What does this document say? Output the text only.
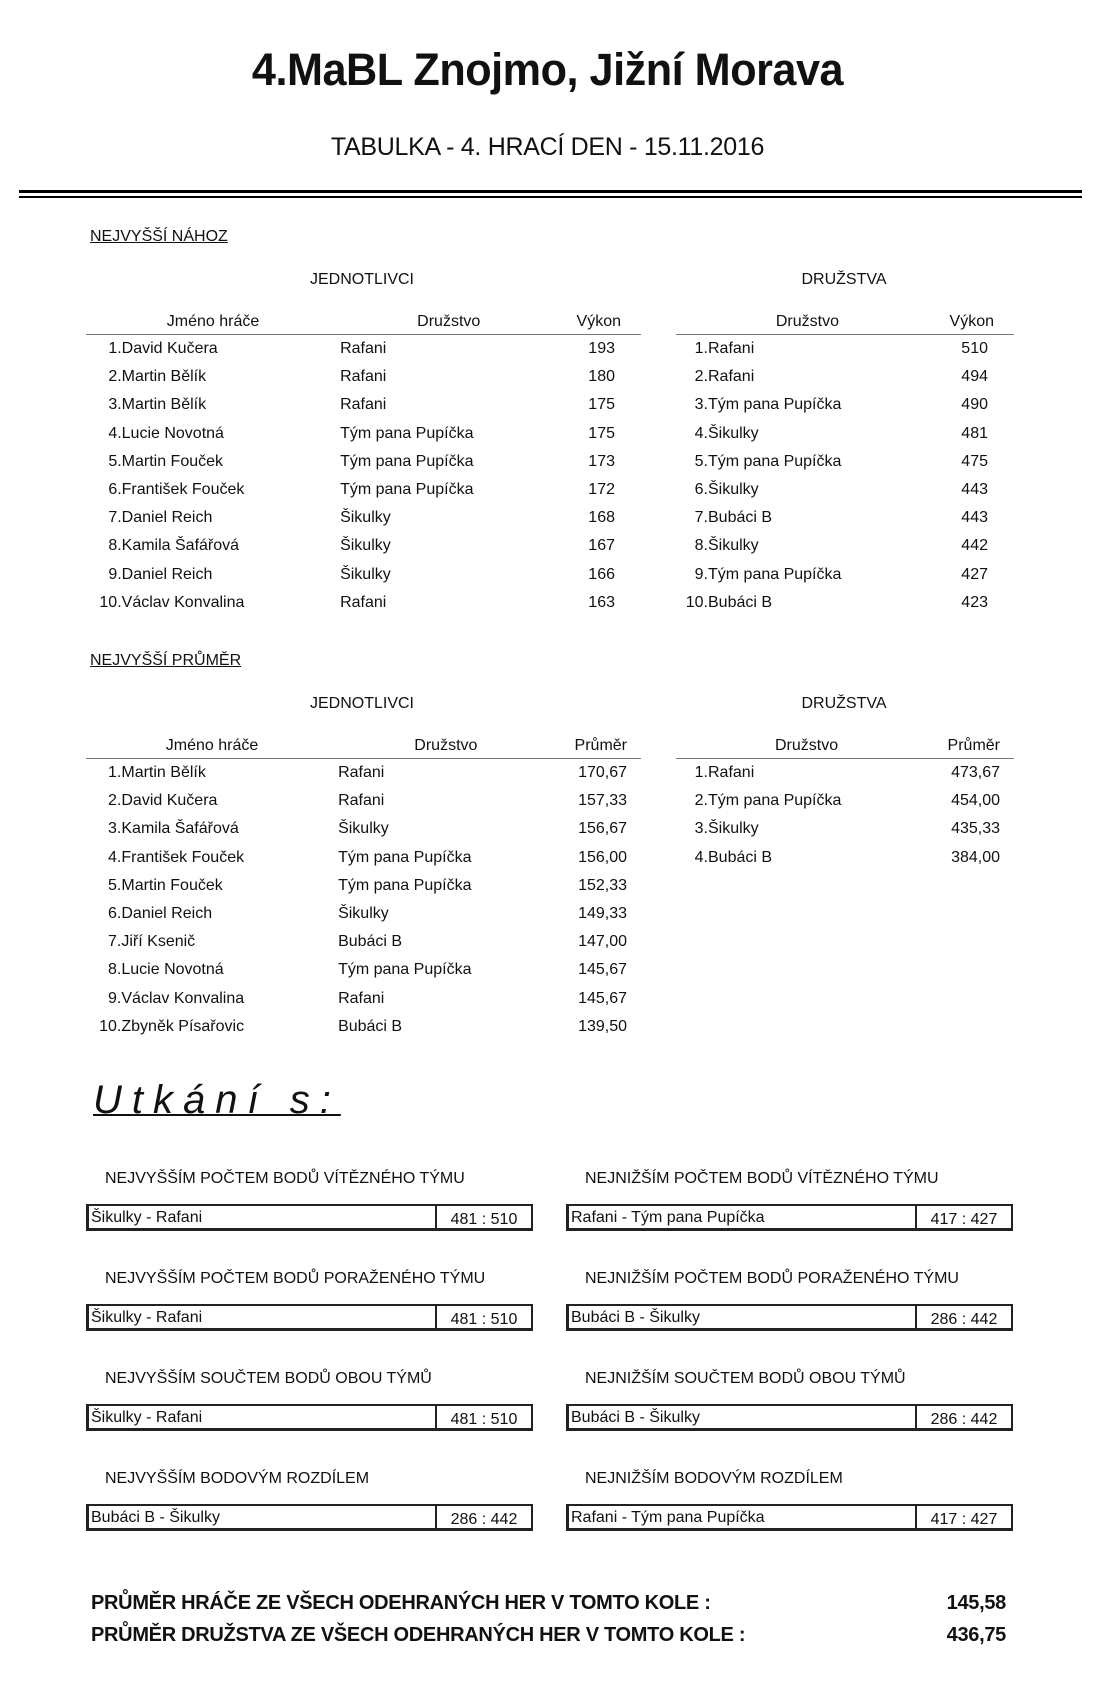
4.MaBL Znojmo, Jižní Morava
TABULKA - 4. HRACÍ DEN - 15.11.2016
NEJVYŠŠÍ NÁHOZ
JEDNOTLIVCI	DRUŽSTVA
Jméno hráče		Družstvo	Výkon
1.	David Kučera	Rafani	193
2.	Martin Bělík	Rafani	180
3.	Martin Bělík	Rafani	175
4.	Lucie Novotná	Tým pana Pupíčka	175
5.	Martin Fouček	Tým pana Pupíčka	173
6.	František Fouček	Tým pana Pupíčka	172
7.	Daniel Reich	Šikulky	168
8.	Kamila Šafářová	Šikulky	167
9.	Daniel Reich	Šikulky	166
10.	Václav Konvalina	Rafani	163
Družstvo		Výkon
1.	Rafani	510
2.	Rafani	494
3.	Tým pana Pupíčka	490
4.	Šikulky	481
5.	Tým pana Pupíčka	475
6.	Šikulky	443
7.	Bubáci B	443
8.	Šikulky	442
9.	Tým pana Pupíčka	427
10.	Bubáci B	423
NEJVYŠŠÍ PRŮMĚR
JEDNOTLIVCI	DRUŽSTVA
Jméno hráče		Družstvo	Průměr
1.	Martin Bělík	Rafani	170,67
2.	David Kučera	Rafani	157,33
3.	Kamila Šafářová	Šikulky	156,67
4.	František Fouček	Tým pana Pupíčka	156,00
5.	Martin Fouček	Tým pana Pupíčka	152,33
6.	Daniel Reich	Šikulky	149,33
7.	Jiří Ksenič	Bubáci B	147,00
8.	Lucie Novotná	Tým pana Pupíčka	145,67
9.	Václav Konvalina	Rafani	145,67
10.	Zbyněk Písařovic	Bubáci B	139,50
Družstvo		Průměr
1.	Rafani	473,67
2.	Tým pana Pupíčka	454,00
3.	Šikulky	435,33
4.	Bubáci B	384,00
Utkání s:
NEJVYŠŠÍM POČTEM BODŮ VÍTĚZNÉHO TÝMU
Šikulky - Rafani	481 : 510
NEJNIŽŠÍM POČTEM BODŮ VÍTĚZNÉHO TÝMU
Rafani - Tým pana Pupíčka	417 : 427
NEJVYŠŠÍM POČTEM BODŮ PORAŽENÉHO TÝMU
Šikulky - Rafani	481 : 510
NEJNIŽŠÍM POČTEM BODŮ PORAŽENÉHO TÝMU
Bubáci B - Šikulky	286 : 442
NEJVYŠŠÍM SOUČTEM BODŮ OBOU TÝMŮ
Šikulky - Rafani	481 : 510
NEJNIŽŠÍM SOUČTEM BODŮ OBOU TÝMŮ
Bubáci B - Šikulky	286 : 442
NEJVYŠŠÍM BODOVÝM ROZDÍLEM
Bubáci B - Šikulky	286 : 442
NEJNIŽŠÍM BODOVÝM ROZDÍLEM
Rafani - Tým pana Pupíčka	417 : 427
PRŮMĚR HRÁČE ZE VŠECH ODEHRANÝCH HER V TOMTO KOLE :	145,58
PRŮMĚR DRUŽSTVA ZE VŠECH ODEHRANÝCH HER V TOMTO KOLE :	436,75
